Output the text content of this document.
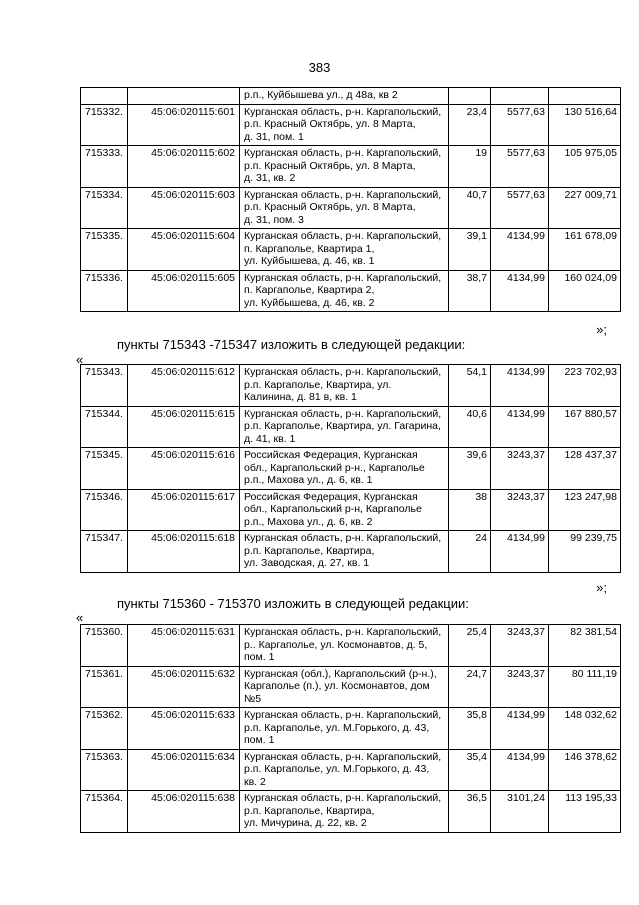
383

		р.п., Куйбышева ул., д 48а, кв 2			

715332.	45:06:020115:601	Курганская область, р-н. Каргапольский,
р.п. Красный Октябрь, ул. 8 Марта,
д. 31, пом. 1	23,4	5577,63	130 516,64
715333.	45:06:020115:602	Курганская область, р-н. Каргапольский,
р.п. Красный Октябрь, ул. 8 Марта,
д. 31, кв. 2	19	5577,63	105 975,05
715334.	45:06:020115:603	Курганская область, р-н. Каргапольский,
р.п. Красный Октябрь, ул. 8 Марта,
д. 31, пом. 3	40,7	5577,63	227 009,71
715335.	45:06:020115:604	Курганская область, р-н. Каргапольский,
п. Каргаполье, Квартира 1,
ул. Куйбышева, д. 46, кв. 1	39,1	4134,99	161 678,09
715336.	45:06:020115:605	Курганская область, р-н. Каргапольский,
п. Каргаполье, Квартира 2,
ул. Куйбышева, д. 46, кв. 2	38,7	4134,99	160 024,09
»;
пункты 715343 -715347 изложить в следующей редакции:
«
715343.	45:06:020115:612	Курганская область, р-н. Каргапольский,
р.п. Каргаполье, Квартира, ул.
Калинина, д. 81 в, кв. 1	54,1	4134,99	223 702,93
715344.	45:06:020115:615	Курганская область, р-н. Каргапольский,
р.п. Каргаполье, Квартира, ул. Гагарина,
д. 41, кв. 1	40,6	4134,99	167 880,57
715345.	45:06:020115:616	Российская Федерация, Курганская
обл., Каргапольский р-н., Каргаполье
р.п., Махова ул., д. 6, кв. 1	39,6	3243,37	128 437,37
715346.	45:06:020115:617	Российская Федерация, Курганская
обл., Каргапольский р-н, Каргаполье
р.п., Махова ул., д. 6, кв. 2	38	3243,37	123 247,98
715347.	45:06:020115:618	Курганская область, р-н. Каргапольский,
р.п. Каргаполье, Квартира,
ул. Заводская, д. 27, кв. 1	24	4134,99	99 239,75
»;
пункты 715360 - 715370 изложить в следующей редакции:
«
715360.	45:06:020115:631	Курганская область, р-н. Каргапольский,
р.. Каргаполье, ул. Космонавтов, д. 5,
пом. 1	25,4	3243,37	82 381,54
715361.	45:06:020115:632	Курганская (обл.), Каргапольский (р-н.),
Каргаполье (п.), ул. Космонавтов, дом
№5	24,7	3243,37	80 111,19
715362.	45:06:020115:633	Курганская область, р-н. Каргапольский,
р.п. Каргаполье, ул. М.Горького, д. 43,
пом. 1	35,8	4134,99	148 032,62
715363.	45:06:020115:634	Курганская область, р-н. Каргапольский,
р.п. Каргаполье, ул. М.Горького, д. 43,
кв. 2	35,4	4134,99	146 378,62
715364.	45:06:020115:638	Курганская область, р-н. Каргапольский,
р.п. Каргаполье, Квартира,
ул. Мичурина, д. 22, кв. 2	36,5	3101,24	113 195,33
